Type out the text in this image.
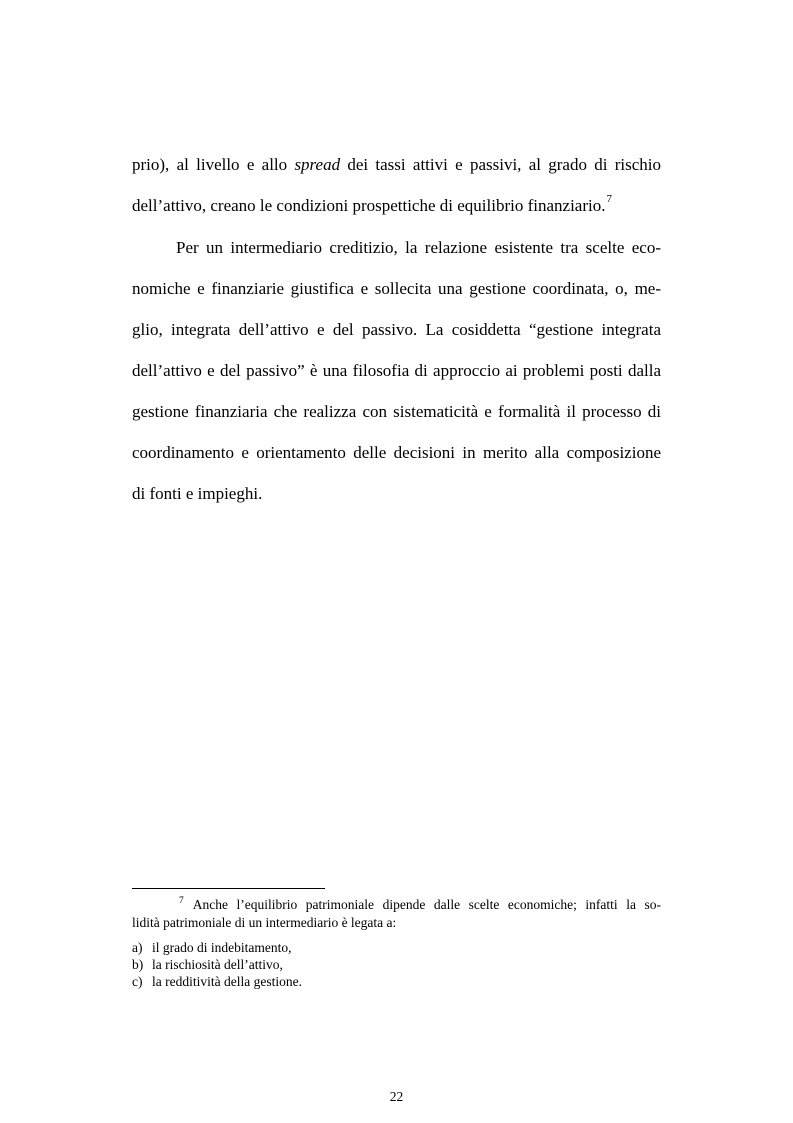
prio), al livello e allo spread dei tassi attivi e passivi, al grado di rischio
dell’attivo, creano le condizioni prospettiche di equilibrio finanziario.$^7$
Per un intermediario creditizio, la relazione esistente tra scelte eco-
nomiche e finanziarie giustifica e sollecita una gestione coordinata, o, me-
glio, integrata dell’attivo e del passivo. La cosiddetta “gestione integrata
dell’attivo e del passivo” è una filosofia di approccio ai problemi posti dalla
gestione finanziaria che realizza con sistematicità e formalità il processo di
coordinamento e orientamento delle decisioni in merito alla composizione
di fonti e impieghi.
$^7$ Anche l’equilibrio patrimoniale dipende dalle scelte economiche; infatti la so-
lidità patrimoniale di un intermediario è legata a:
a) il grado di indebitamento,
b) la rischiosità dell’attivo,
c) la redditività della gestione.
22
